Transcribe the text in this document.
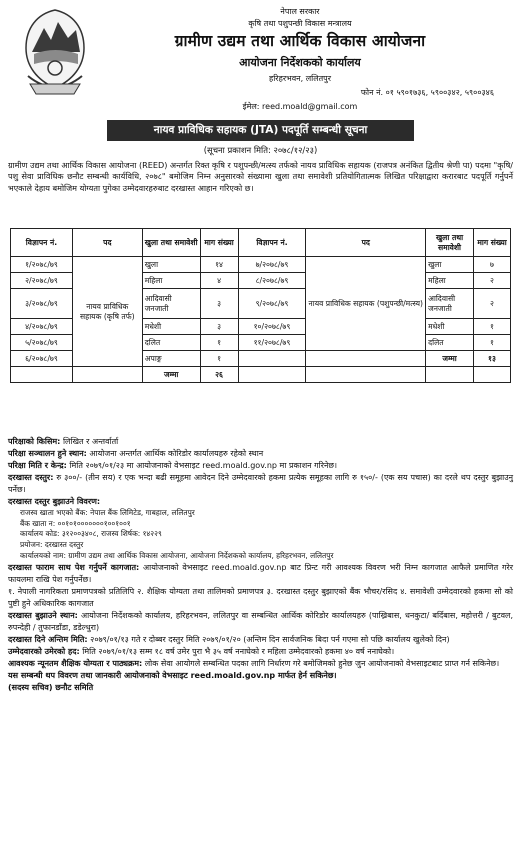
नेपाल सरकार
कृषि तथा पशुपन्छी विकास मन्त्रालय
ग्रामीण उद्यम तथा आर्थिक विकास आयोजना
आयोजना निर्देशकको कार्यालय
हरिहरभवन, ललितपुर
फोन नं. ०१ ५९०१७३६, ५९००३४२, ५९००३४६
ईमेल: reed.moald@gmail.com
नायव प्राविधिक सहायक (JTA) पदपूर्ति सम्बन्धी सूचना
(सूचना प्रकाशन मिति: २०७८/१२/२३)
ग्रामीण उद्यम तथा आर्थिक विकास आयोजना (REED) अन्तर्गत रिक्त कृषि र पशुपन्छी/मत्स्य तर्फको नायव प्राविधिक सहायक (राजपत्र अनंकित द्वितीय श्रेणी पा) पदमा "कृषि/पशु सेवा प्राविधिक छनौट सम्बन्धी कार्यविधि, २०७८" बमोजिम निम्न अनुसारको संख्यामा खुला तथा समावेशी प्रतियोगितात्मक लिखित परिक्षाद्वारा करारबाट पदपूर्ति गर्नुपर्ने भएकाले देहाय बमोजिम योग्यता पुगेका उम्मेदवारहरुबाट दरखास्त आहान गरिएको छ।
विज्ञापन नं.	पद	खुला तथा समावेशी	माग संख्या	विज्ञापन नं.	पद	खुला तथा समावेशी	माग संख्या
१/२०७८/७९	नायव प्राविधिक सहायक (कृषि तर्फ)	खुला	१४	७/२०७८/७९	नायव प्राविधिक सहायक (पशुपन्छी/मत्स्य)	खुला	७
२/२०७८/७९		महिला	४	८/२०७८/७९		महिला	२
३/२०७८/७९		आदिवासी जनजाती	३	९/२०७८/७९		आदिवासी जनजाती	२
४/२०७८/७९		मधेशी	३	१०/२०७८/७९		मधेशी	१
५/२०७८/७९		दलित	१	११/२०७८/७९		दलित	१
६/२०७८/७९		अपाङ्ग	१			जम्मा	१३
		जम्मा	२६				

परिक्षाको किसिम: लिखित र अन्तर्वार्ता

परिक्षा सञ्चालन हुने स्थान: आयोजना अन्तर्गत आर्थिक कोरिडोर कार्यालयहरु रहेको स्थान

परिक्षा मिति र केन्द्र: मिति २०७९/०१/२३ मा आयोजनाको वेभसाइट reed.moald.gov.np मा प्रकाशन गरिनेछ।

दरखास्त दस्तुर: रु ३००/- (तीन सय) र एक भन्दा बढी समूहमा आवेदन दिने उम्मेदवारको हकमा प्रत्येक समूहका लागि रु १५०/- (एक सय पचास) का दरले थप दस्तुर बुझाउनु पर्नेछ।

दरखास्त दस्तुर बुझाउने विवरण:

राजस्व खाता भएको बैंक: नेपाल बैंक लिमिटेड, गाबहाल, ललितपुर
बैंक खाता न: ००१०१०००००००१००१००१
कार्यालय कोड: ३१२००३४०८, राजस्व शिर्षक: १४२२९
प्रयोजन: दरखास्त दस्तुर
कार्यालयको नाम: ग्रामीण उद्यम तथा आर्थिक विकास आयोजना, आयोजना निर्देशकको कार्यालय, हरिहरभवन, ललितपुर

दरखास्त फाराम साथ पेश गर्नुपर्ने कागजात: आयोजनाको वेभसाइट reed.moald.gov.np बाट प्रिन्ट गरी आवश्यक विवरण भरी निम्न कागजात आफैले प्रमाणित गरेर फायलमा राखि पेश गर्नुपर्नेछ।

१. नेपाली नागरिकता प्रमाणपत्रको प्रतिलिपि २. शैक्षिक योग्यता तथा तालिमको प्रमाणपत्र ३. दरखास्त दस्तुर बुझाएको बैंक भौचर/रसिद ४. समावेशी उम्मेदवारको हकमा सो को पुष्टी हुने अधिकारिक कागजात

दरखास्त बुझाउने स्थान: आयोजना निर्देशकको कार्यालय, हरिहरभवन, ललितपुर वा सम्बन्धित आर्थिक कोरिडोर कार्यालयहरु (पाख्रिबास, धनकुटा/ बर्दिबास, महोत्तरी / बुटवल, रुपन्देही / तुफानडाँडा, डडेल्धुरा)

दरखास्त दिने अन्तिम मिति: २०७९/०१/१३ गते र दोब्बर दस्तुर मिति २०७९/०१/२० (अन्तिम दिन सार्वजनिक बिदा पर्न गएमा सो पछि कार्यालय खुलेको दिन)

उम्मेदवारको उमेरको हद: मिति २०७९/०१/१३ सम्म १८ वर्ष उमेर पुरा भै ३५ वर्ष ननाघेको र महिला उम्मेदवारको हकमा ४० वर्ष ननाघेको।

आवश्यक न्यूनतम शैक्षिक योग्यता र पाठ्यक्रम: लोक सेवा आयोगले सम्बन्धित पदका लागि निर्धारण गरे बमोजिमको हुनेछ जुन आयोजनाको वेभसाइटबाट प्राप्त गर्न सकिनेछ।

यस सम्बन्धी थप विवरण तथा जानकारी आयोजनाको वेभसाइट reed.moald.gov.np मार्फत हेर्न सकिनेछ।

(सदस्य सचिव) छनौट समिति
